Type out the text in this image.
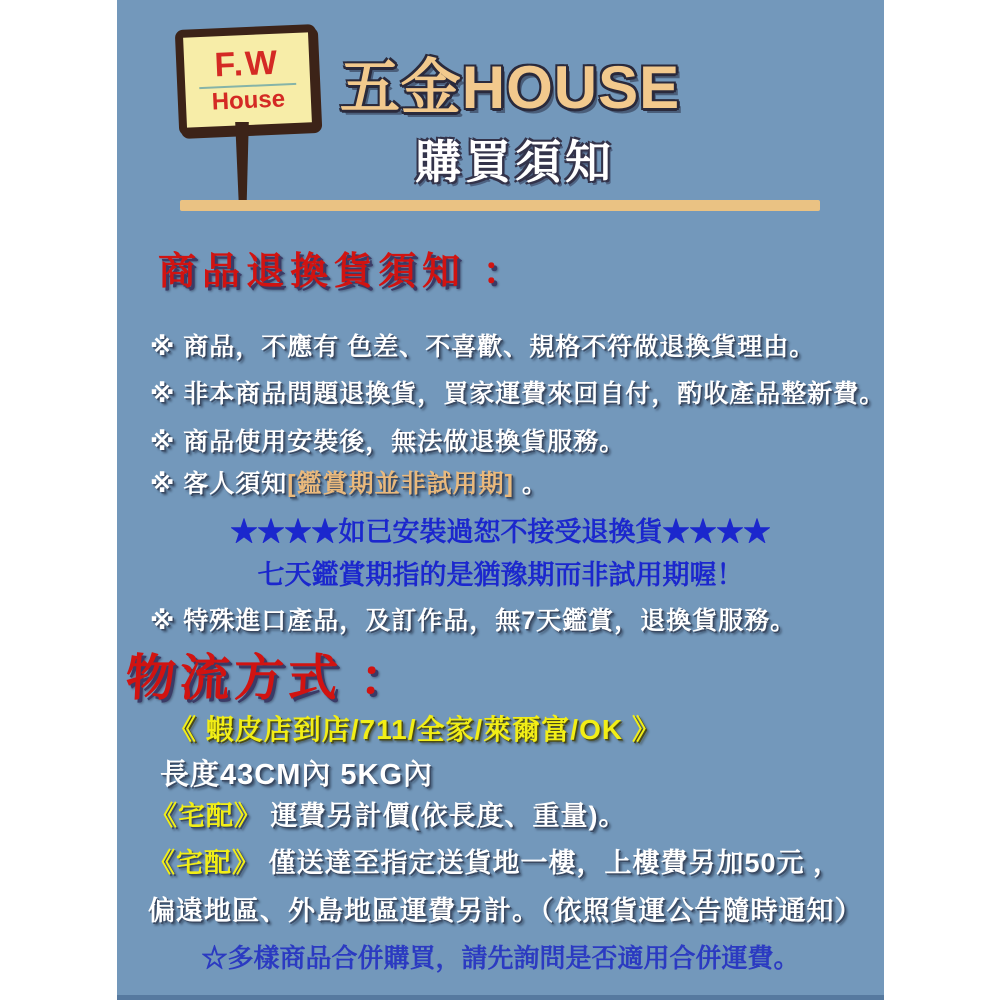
F.W
House 五金HOUSE
購買須知
商品退換貨須知 ：
※ 商品，不應有 色差、不喜歡、規格不符做退換貨理由。
※ 非本商品問題退換貨，買家運費來回自付，酌收產品整新費。
※ 商品使用安裝後，無法做退換貨服務。
※ 客人須知[鑑賞期並非試用期] 。
★★★★如已安裝過恕不接受退換貨★★★★
七天鑑賞期指的是猶豫期而非試用期喔！
※ 特殊進口產品，及訂作品，無7天鑑賞，退換貨服務。
物流方式 ：
《 蝦皮店到店/711/全家/萊爾富/OK 》
長度43CM內 5KG內
《宅配》 運費另計價(依長度、重量)。
《宅配》 僅送達至指定送貨地一樓，上樓費另加50元 ，
偏遠地區、外島地區運費另計。（依照貨運公告隨時通知）
☆多樣商品合併購買，請先詢問是否適用合併運費。
